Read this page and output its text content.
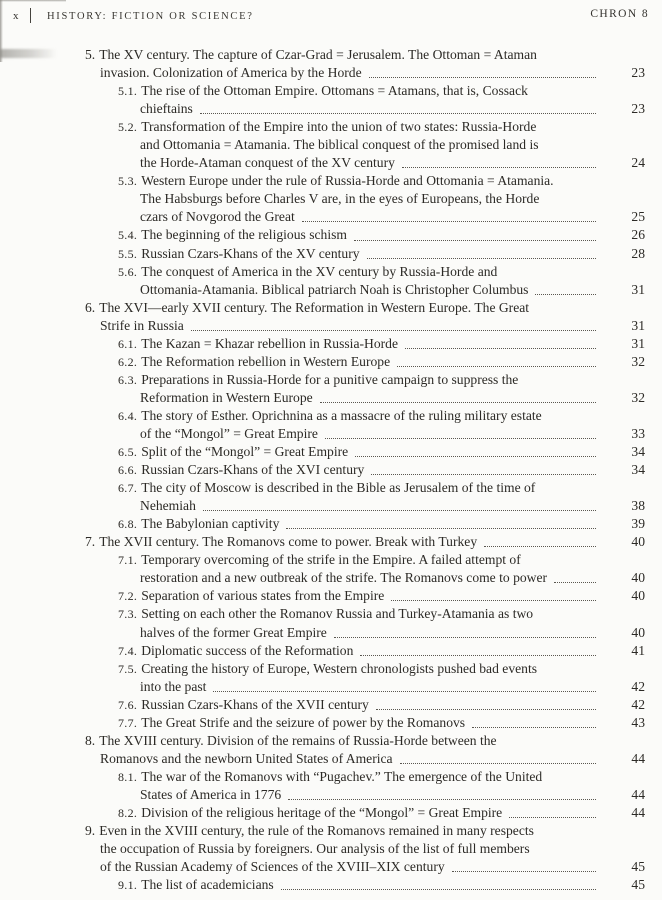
x	HISTORY: FICTION OR SCIENCE?	CHRON 8
5. The XV century. The capture of Czar-Grad = Jerusalem. The Ottoman = Ataman
invasion. Colonization of America by the Horde	23
5.1. The rise of the Ottoman Empire. Ottomans = Atamans, that is, Cossack
chieftains	23
5.2. Transformation of the Empire into the union of two states: Russia-Horde
and Ottomania = Atamania. The biblical conquest of the promised land is
the Horde-Ataman conquest of the XV century	24
5.3. Western Europe under the rule of Russia-Horde and Ottomania = Atamania.
The Habsburgs before Charles V are, in the eyes of Europeans, the Horde
czars of Novgorod the Great	25
5.4. The beginning of the religious schism	26
5.5. Russian Czars-Khans of the XV century	28
5.6. The conquest of America in the XV century by Russia-Horde and
Ottomania-Atamania. Biblical patriarch Noah is Christopher Columbus	31
6. The XVI—early XVII century. The Reformation in Western Europe. The Great
Strife in Russia	31
6.1. The Kazan = Khazar rebellion in Russia-Horde	31
6.2. The Reformation rebellion in Western Europe	32
6.3. Preparations in Russia-Horde for a punitive campaign to suppress the
Reformation in Western Europe	32
6.4. The story of Esther. Oprichnina as a massacre of the ruling military estate
of the “Mongol” = Great Empire	33
6.5. Split of the “Mongol” = Great Empire	34
6.6. Russian Czars-Khans of the XVI century	34
6.7. The city of Moscow is described in the Bible as Jerusalem of the time of
Nehemiah	38
6.8. The Babylonian captivity	39
7. The XVII century. The Romanovs come to power. Break with Turkey	40
7.1. Temporary overcoming of the strife in the Empire. A failed attempt of
restoration and a new outbreak of the strife. The Romanovs come to power	40
7.2. Separation of various states from the Empire	40
7.3. Setting on each other the Romanov Russia and Turkey-Atamania as two
halves of the former Great Empire	40
7.4. Diplomatic success of the Reformation	41
7.5. Creating the history of Europe, Western chronologists pushed bad events
into the past	42
7.6. Russian Czars-Khans of the XVII century	42
7.7. The Great Strife and the seizure of power by the Romanovs	43
8. The XVIII century. Division of the remains of Russia-Horde between the
Romanovs and the newborn United States of America	44
8.1. The war of the Romanovs with “Pugachev.” The emergence of the United
States of America in 1776	44
8.2. Division of the religious heritage of the “Mongol” = Great Empire	44
9. Even in the XVIII century, the rule of the Romanovs remained in many respects
the occupation of Russia by foreigners. Our analysis of the list of full members
of the Russian Academy of Sciences of the XVIII–XIX century	45
9.1. The list of academicians	45
